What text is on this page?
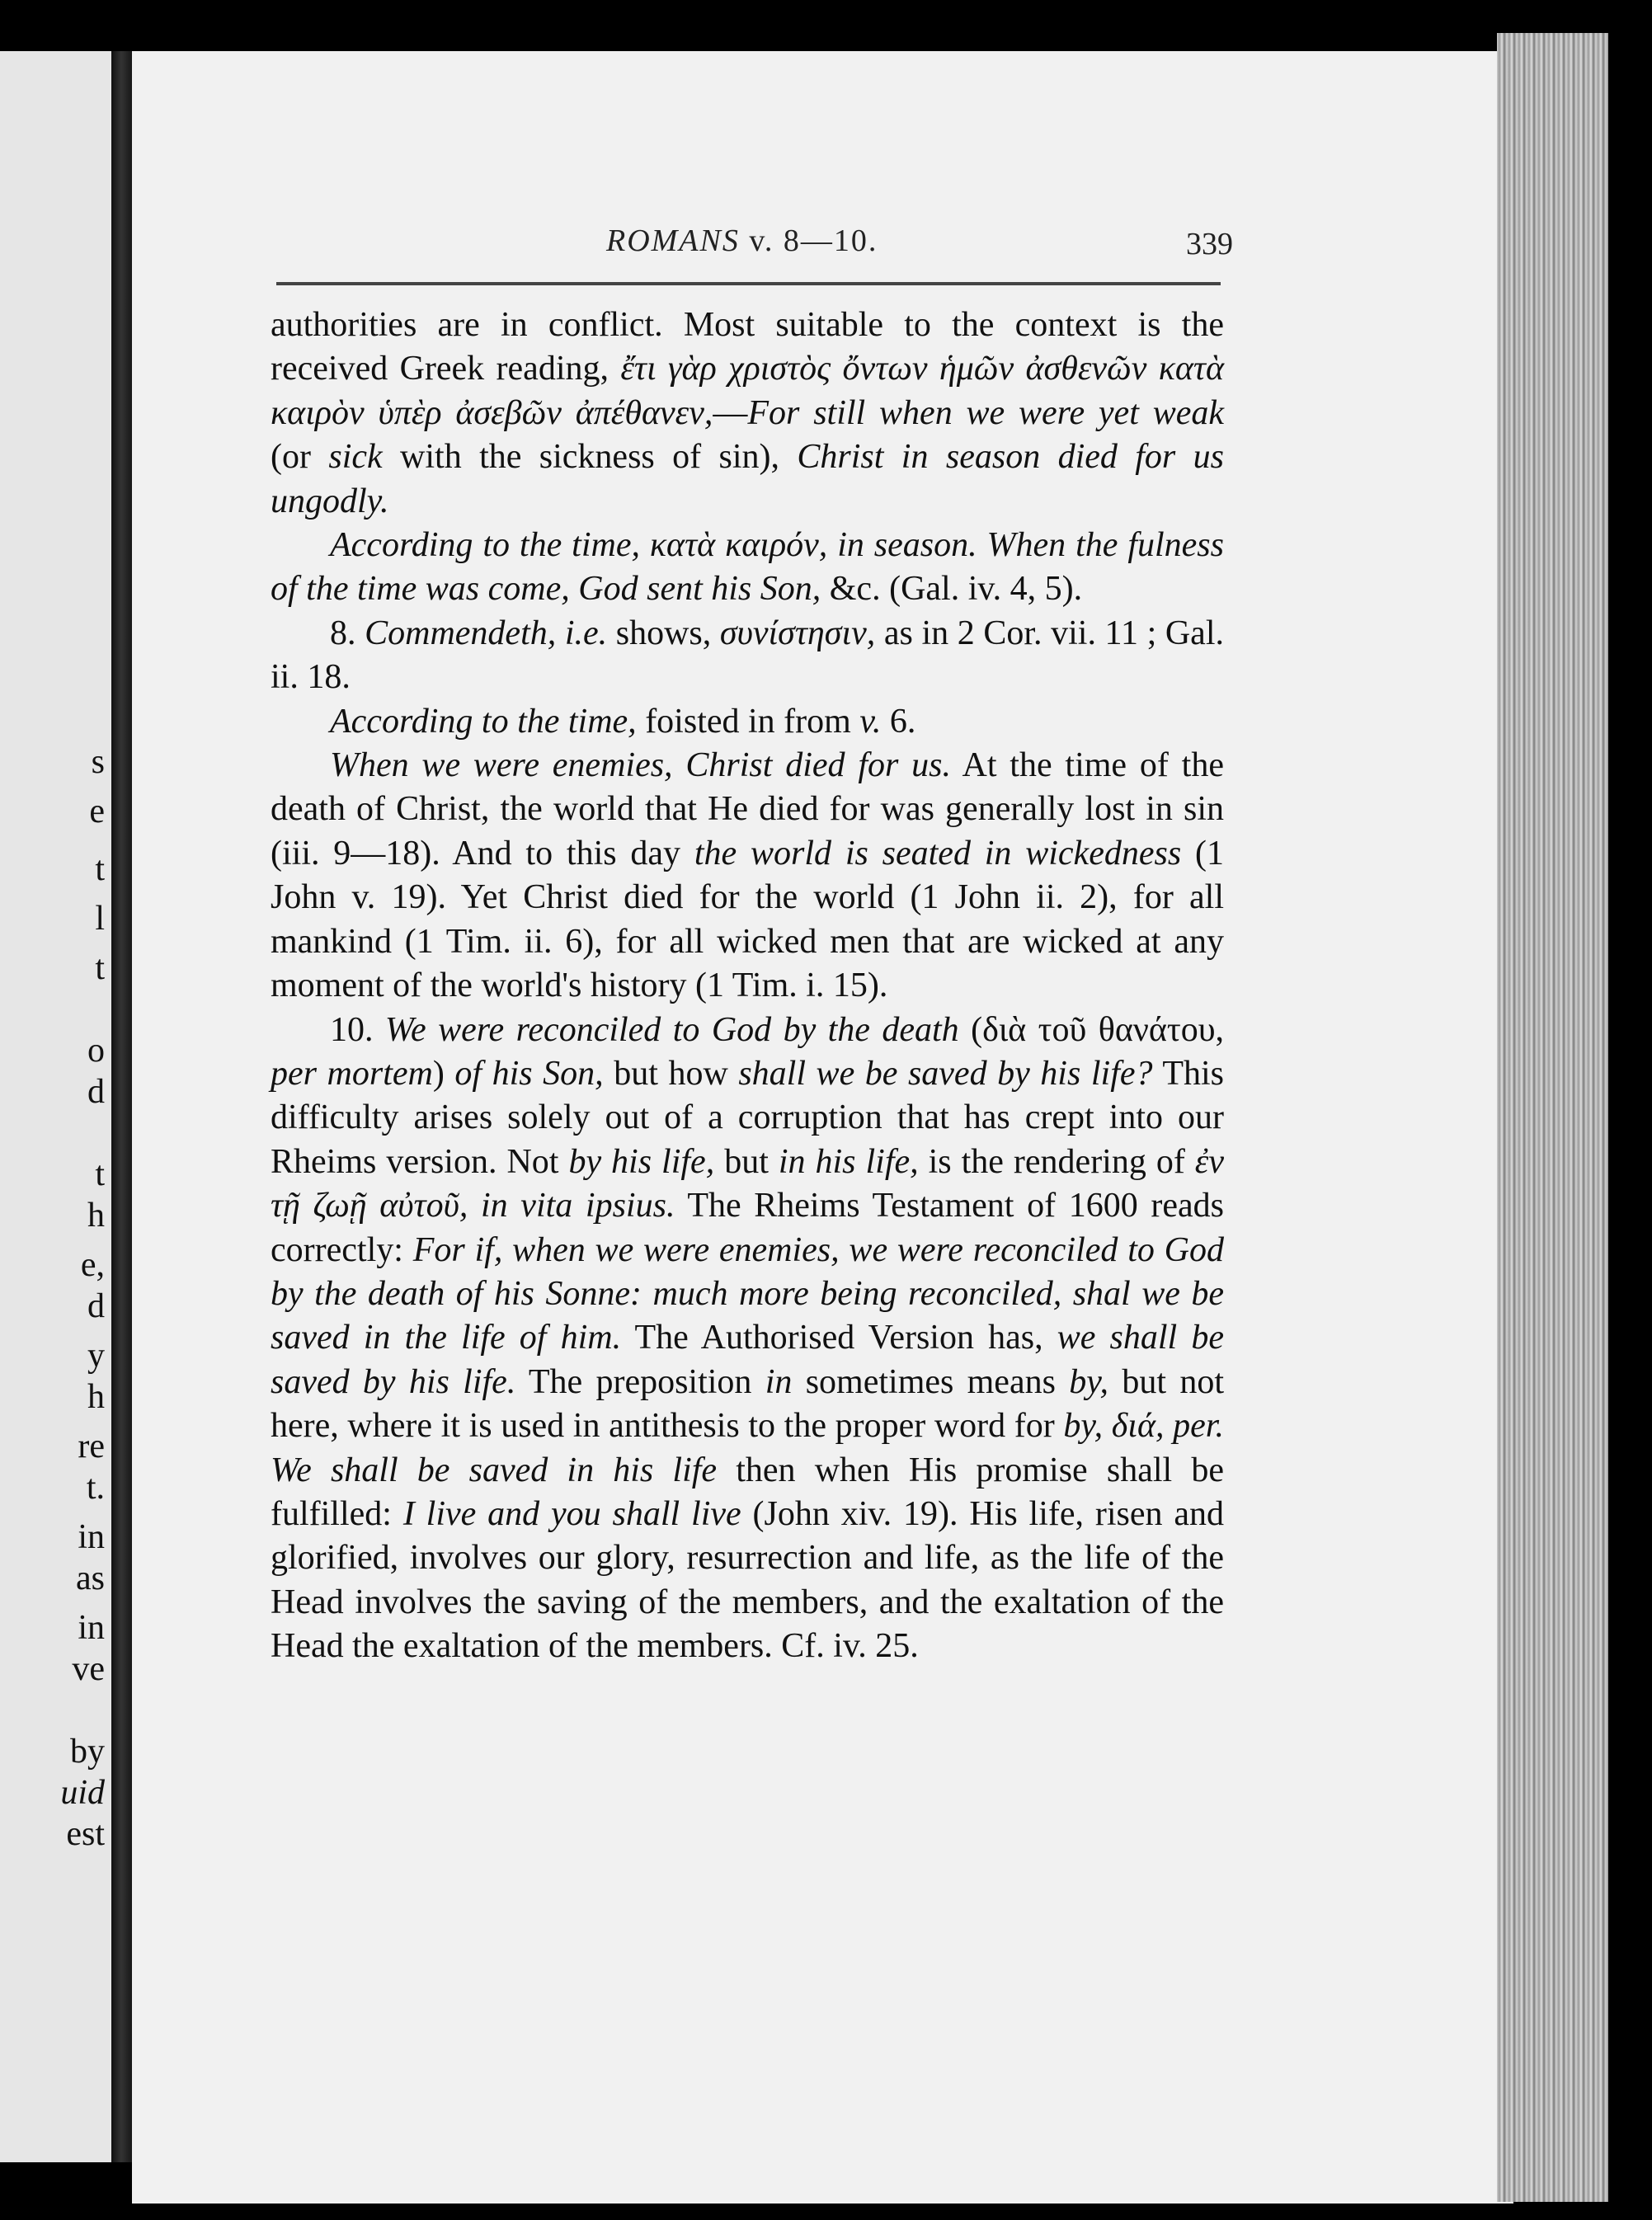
s
e
t
l
t
o
d
t
h
e,
d
y
h
re
t.
in
as
in
ve
by
uid
est
ROMANS v. 8—10.	339

authorities are in conflict. Most suitable to the context is the received Greek reading, ἔτι γὰρ χριστὸς ὄντων ἡμῶν ἀσθενῶν κατὰ καιρὸν ὑπὲρ ἀσεβῶν ἀπέθανεν,—For still when we were yet weak (or sick with the sickness of sin), Christ in season died for us ungodly.

According to the time, κατὰ καιρόν, in season. When the fulness of the time was come, God sent his Son, &c. (Gal. iv. 4, 5).

8. Commendeth, i.e. shows, συνίστησιν, as in 2 Cor. vii. 11 ; Gal. ii. 18.

According to the time, foisted in from v. 6.

When we were enemies, Christ died for us. At the time of the death of Christ, the world that He died for was generally lost in sin (iii. 9—18). And to this day the world is seated in wickedness (1 John v. 19). Yet Christ died for the world (1 John ii. 2), for all mankind (1 Tim. ii. 6), for all wicked men that are wicked at any moment of the world's history (1 Tim. i. 15).

10. We were reconciled to God by the death (διὰ τοῦ θανάτου, per mortem) of his Son, but how shall we be saved by his life? This difficulty arises solely out of a corruption that has crept into our Rheims version. Not by his life, but in his life, is the rendering of ἐν τῇ ζωῇ αὐτοῦ, in vita ipsius. The Rheims Testament of 1600 reads correctly: For if, when we were enemies, we were reconciled to God by the death of his Sonne: much more being reconciled, shal we be saved in the life of him. The Authorised Version has, we shall be saved by his life. The preposition in sometimes means by, but not here, where it is used in antithesis to the proper word for by, διά, per. We shall be saved in his life then when His promise shall be fulfilled: I live and you shall live (John xiv. 19). His life, risen and glorified, involves our glory, resurrection and life, as the life of the Head involves the saving of the members, and the exaltation of the Head the exaltation of the members. Cf. iv. 25.
